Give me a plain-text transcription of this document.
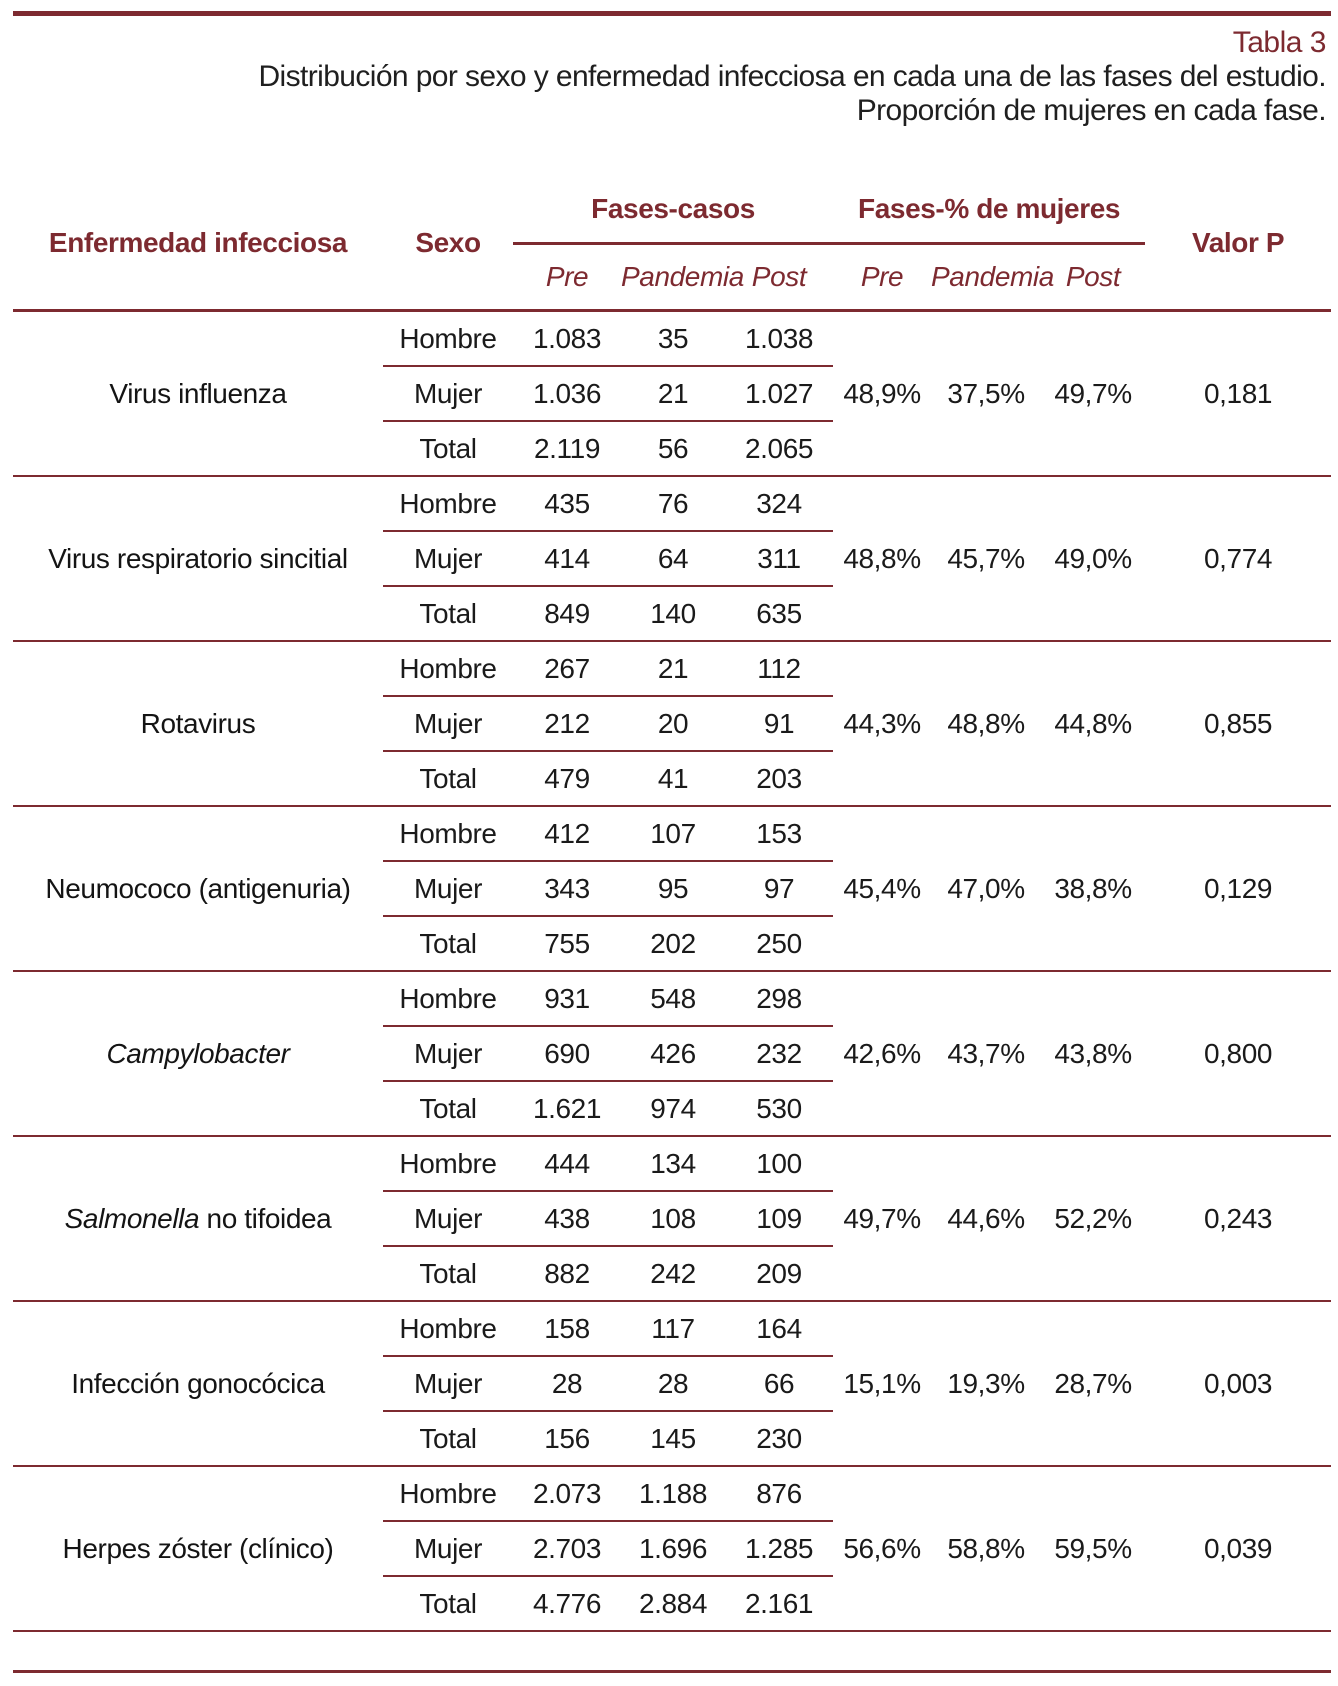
Tabla 3
Distribución por sexo y enfermedad infecciosa en cada una de las fases del estudio.
Proporción de mujeres en cada fase.
Enfermedad infecciosa	Sexo	Fases-casos			Fases-% de mujeres			Valor P
		Pre	Pandemia	Post	Pre	Pandemia	Post	
Virus influenza	Hombre	1.083	35	1.038	48,9%	37,5%	49,7%	0,181
	Mujer	1.036	21	1.027				
	Total	2.119	56	2.065				
Virus respiratorio sincitial	Hombre	435	76	324	48,8%	45,7%	49,0%	0,774
	Mujer	414	64	311				
	Total	849	140	635				
Rotavirus	Hombre	267	21	112	44,3%	48,8%	44,8%	0,855
	Mujer	212	20	91				
	Total	479	41	203				
Neumococo (antigenuria)	Hombre	412	107	153	45,4%	47,0%	38,8%	0,129
	Mujer	343	95	97				
	Total	755	202	250				
Campylobacter	Hombre	931	548	298	42,6%	43,7%	43,8%	0,800
	Mujer	690	426	232				
	Total	1.621	974	530				
Salmonella no tifoidea	Hombre	444	134	100	49,7%	44,6%	52,2%	0,243
	Mujer	438	108	109				
	Total	882	242	209				
Infección gonocócica	Hombre	158	117	164	15,1%	19,3%	28,7%	0,003
	Mujer	28	28	66				
	Total	156	145	230				
Herpes zóster (clínico)	Hombre	2.073	1.188	876	56,6%	58,8%	59,5%	0,039
	Mujer	2.703	1.696	1.285				
	Total	4.776	2.884	2.161				
